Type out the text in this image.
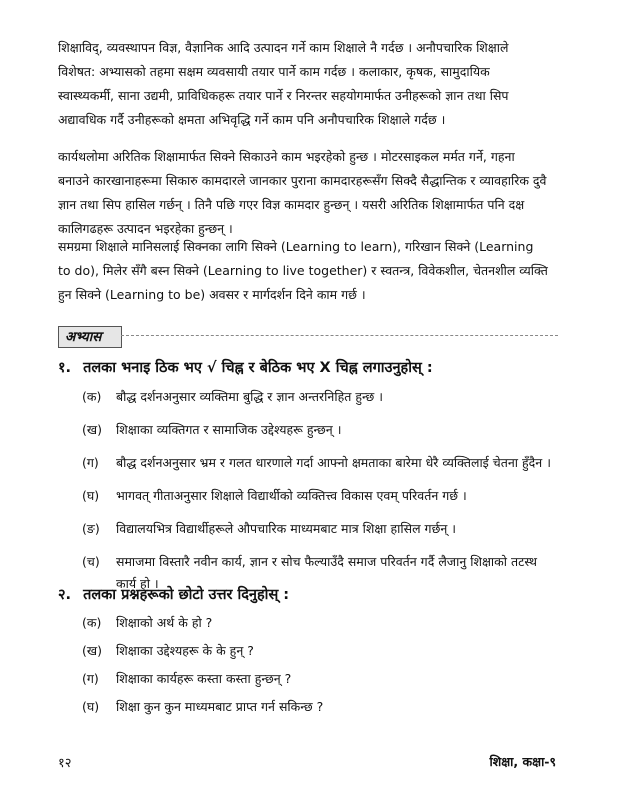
शिक्षाविद्, व्यवस्थापन विज्ञ, वैज्ञानिक आदि उत्पादन गर्ने काम शिक्षाले नै गर्दछ । अनौपचारिक शिक्षाले विशेषत: अभ्यासको तहमा सक्षम व्यवसायी तयार पार्ने काम गर्दछ । कलाकार, कृषक, सामुदायिक स्वास्थ्यकर्मी, साना उद्यमी, प्राविधिकहरू तयार पार्ने र निरन्तर सहयोगमार्फत उनीहरूको ज्ञान तथा सिप अद्यावधिक गर्दै उनीहरूको क्षमता अभिवृद्धि गर्ने काम पनि अनौपचारिक शिक्षाले गर्दछ ।

कार्यथलोमा अरितिक शिक्षामार्फत सिक्ने सिकाउने काम भइरहेको हुन्छ । मोटरसाइकल मर्मत गर्ने, गहना बनाउने कारखानाहरूमा सिकारु कामदारले जानकार पुराना कामदारहरूसँग सिक्दै सैद्धान्तिक र व्यावहारिक दुवै ज्ञान तथा सिप हासिल गर्छन् । तिनै पछि गएर विज्ञ कामदार हुन्छन् । यसरी अरितिक शिक्षामार्फत पनि दक्ष कालिगढहरू उत्पादन भइरहेका हुन्छन् ।

समग्रमा शिक्षाले मानिसलाई सिक्नका लागि सिक्ने (Learning to learn), गरिखान सिक्ने (Learning to do), मिलेर सँगै बस्न सिक्ने (Learning to live together) र स्वतन्त्र, विवेकशील, चेतनशील व्यक्ति हुन सिक्ने (Learning to be) अवसर र मार्गदर्शन दिने काम गर्छ ।

अभ्यास
१. तलका भनाइ ठिक भए √ चिह्न र बेठिक भए X चिह्न लगाउनुहोस् :
(क) बौद्ध दर्शनअनुसार व्यक्तिमा बुद्धि र ज्ञान अन्तरनिहित हुन्छ ।
(ख) शिक्षाका व्यक्तिगत र सामाजिक उद्देश्यहरू हुन्छन् ।
(ग) बौद्ध दर्शनअनुसार भ्रम र गलत धारणाले गर्दा आफ्नो क्षमताका बारेमा धेरै व्यक्तिलाई चेतना हुँदैन ।
(घ) भागवत् गीताअनुसार शिक्षाले विद्यार्थीको व्यक्तित्त्व विकास एवम् परिवर्तन गर्छ ।
(ङ) विद्यालयभित्र विद्यार्थीहरूले औपचारिक माध्यमबाट मात्र शिक्षा हासिल गर्छन् ।
(च) समाजमा विस्तारै नवीन कार्य, ज्ञान र सोच फैल्याउँदै समाज परिवर्तन गर्दै लैजानु शिक्षाको तटस्थ कार्य हो ।
२. तलका प्रश्नहरूको छोटो उत्तर दिनुहोस् :
(क) शिक्षाको अर्थ के हो ?
(ख) शिक्षाका उद्देश्यहरू के के हुन् ?
(ग) शिक्षाका कार्यहरू कस्ता कस्ता हुन्छन् ?
(घ) शिक्षा कुन कुन माध्यमबाट प्राप्त गर्न सकिन्छ ?
१२	शिक्षा, कक्षा-९
